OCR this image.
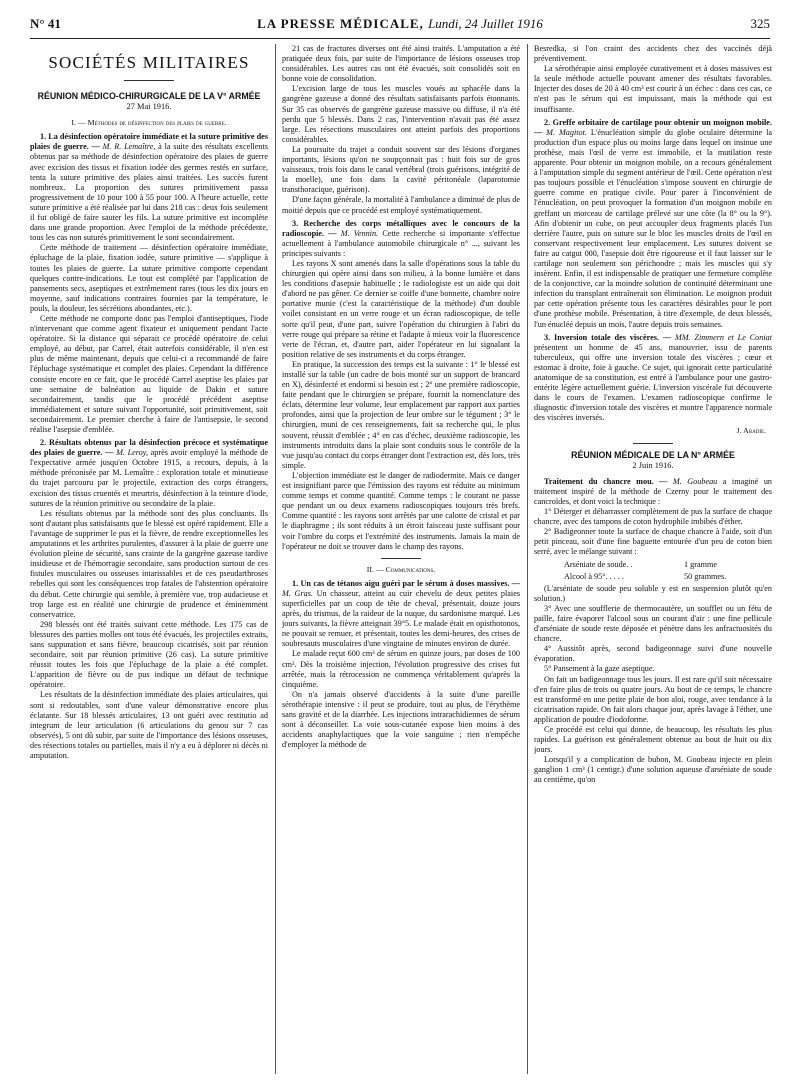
N° 41	LA PRESSE MÉDICALE, Lundi, 24 Juillet 1916	325
SOCIÉTÉS MILITAIRES
RÉUNION MÉDICO-CHIRURGICALE DE LA V° ARMÉE
27 Mai 1916.

I. — Méthodes de désinfection des plaies de guerre.

1. La désinfection opératoire immédiate et la suture primitive des plaies de guerre. — M. R. Lemaître, à la suite des résultats excellents obtenus par sa méthode de désinfection opératoire des plaies de guerre avec excision des tissus et fixation iodée des germes restés en surface, tenta la suture primitive des plaies ainsi traitées. Les succès furent nombreux. La proportion des sutures primitivement passa progressivement de 10 pour 100 à 55 pour 100. A l'heure actuelle, cette suture primitive a été réalisée par lui dans 218 cas : deux fois seulement il fut obligé de faire sauter les fils. La suture primitive est incomplète dans une grande proportion. Avec l'emploi de la méthode précédente, tous les cas non suturés primitivement le sont secondairement.

Cette méthode de traitement — désinfection opératoire immédiate, épluchage de la plaie, fixation iodée, suture primitive — s'applique à toutes les plaies de guerre. La suture primitive comporte cependant quelques contre-indications. Le tout est complété par l'application de pansements secs, aseptiques et extrêmement rares (tous les dix jours en moyenne, sauf indications contraires fournies par la température, le pouls, la douleur, les sécrétions abondantes, etc.).

Cette méthode ne comporte donc pas l'emploi d'antiseptiques, l'iode n'intervenant que comme agent fixateur et uniquement pendant l'acte opératoire. Si la distance qui séparait ce procédé opératoire de celui employé, au début, par Carrel, était autrefois considérable, il n'en est plus de même maintenant, depuis que celui-ci a recommandé de faire l'épluchage systématique et complet des plaies. Cependant la différence consiste encore en ce fait, que le procédé Carrel aseptise les plaies par une semaine de balnéation au liquide de Dakin et suture secondairement, tandis que le procédé précédent aseptise immédiatement et suture suivant l'opportunité, soit primitivement, soit secondairement. Le premier cherche à faire de l'antisepsie, le second réalise l'asepsie d'emblée.

2. Résultats obtenus par la désinfection précoce et systématique des plaies de guerre. — M. Leroy, après avoir employé la méthode de l'expectative armée jusqu'en Octobre 1915, a recours, depuis, à la méthode préconisée par M. Lemaître : exploration totale et minutieuse du trajet parcouru par le projectile, extraction des corps étrangers, excision des tissus cruentés et meurtris, désinfection à la teinture d'iode, sutures de la réunion primitive ou secondaire de la plaie.

Les résultats obtenus par la méthode sont des plus concluants. Ils sont d'autant plus satisfaisants que le blessé est opéré rapidement. Elle a l'avantage de supprimer le pus et la fièvre, de rendre exceptionnelles les amputations et les arthrites purulentes, d'assurer à la plaie de guerre une évolution pleine de sécurité, sans crainte de la gangrène gazeuse tardive insidieuse et de l'hémorragie secondaire, sans production surtout de ces fistules musculaires ou osseuses intarissables et de ces pseudarthroses rebelles qui sont les conséquences trop fatales de l'abstention opératoire du début. Cette chirurgie qui semble, à première vue, trop audacieuse et trop large est en réalité une chirurgie de prudence et éminemment conservatrice.

298 blessés ont été traités suivant cette méthode. Les 175 cas de blessures des parties molles ont tous été évacués, les projectiles extraits, sans suppuration et sans fièvre, beaucoup cicatrisés, soit par réunion secondaire, soit par réunion primitive (26 cas). La suture primitive réussit toutes les fois que l'épluchage de la plaie a été complet. L'apparition de fièvre ou de pus indique un défaut de technique opératoire.

Les résultats de la désinfection immédiate des plaies articulaires, qui sont si redoutables, sont d'une valeur démonstrative encore plus éclatante. Sur 18 blessés articulaires, 13 ont guéri avec restitutio ad integrum de leur articulation (6 articulations du genou sur 7 cas observés), 5 ont dû subir, par suite de l'importance des lésions osseuses, des résections totales ou partielles, mais il n'y a eu à déplorer ni décès ni amputation.

21 cas de fractures diverses ont été ainsi traités. L'amputation a été pratiquée deux fois, par suite de l'importance de lésions osseuses trop considérables. Les autres cas ont été évacués, soit consolidés soit en bonne voie de consolidation.

L'excision large de tous les muscles voués au sphacèle dans la gangrène gazeuse a donné des résultats satisfaisants parfois étonnants. Sur 35 cas observés de gangrène gazeuse massive ou diffuse, il n'a été perdu que 5 blessés. Dans 2 cas, l'intervention n'avait pas été assez large. Les résections musculaires ont atteint parfois des proportions considérables.

La poursuite du trajet a conduit souvent sur des lésions d'organes importants, lésions qu'on ne soupçonnait pas : huit fois sur de gros vaisseaux, trois fois dans le canal vertébral (trois guérisons, intégrité de la moelle), une fois dans la cavité péritonéale (laparotomie transthoracique, guérison).

D'une façon générale, la mortalité à l'ambulance a diminué de plus de moitié depuis que ce procédé est employé systématiquement.

3. Recherche des corps métalliques avec le concours de la radioscopie. — M. Vennin. Cette recherche si importante s'effectue actuellement à l'ambulance automobile chirurgicale n° ..., suivant les principes suivants :

Les rayons X sont amenés dans la salle d'opérations sous la table du chirurgien qui opère ainsi dans son milieu, à la bonne lumière et dans les conditions d'asepsie habituelle ; le radiologiste est un aide qui doit d'abord ne pas gêner. Ce dernier se coiffe d'une bonnette, chambre noire portative munie (c'est la caractéristique de la méthode) d'un double voilet consistant en un verre rouge et un écran radioscopique, de telle sorte qu'il peut, d'une part, suivre l'opération du chirurgien à l'abri du verre rouge qui prépare sa rétine et l'adapte à mieux voir la fluorescence verte de l'écran, et, d'autre part, aider l'opérateur en lui signalant la position relative de ses instruments et du corps étranger.

En pratique, la succession des temps est la suivante : 1° le blessé est installé sur la table (un cadre de bois monté sur un support de brancard en X), désinfecté et endormi si besoin est ; 2° une première radioscopie, faite pendant que le chirurgien se prépare, fournit la nomenclature des éclats, détermine leur volume, leur emplacement par rapport aux parties profondes, ainsi que la projection de leur ombre sur le tégument ; 3° le chirurgien, muni de ces renseignements, fait sa recherche qui, le plus souvent, réussit d'emblée ; 4° en cas d'échec, deuxième radioscopie, les instruments introduits dans la plaie sont conduits sous le contrôle de la vue jusqu'au contact du corps étranger dont l'extraction est, dès lors, très simple.

L'objection immédiate est le danger de radiodermite. Mais ce danger est insignifiant parce que l'émission des rayons est réduite au minimum comme temps et comme quantité. Comme temps : le courant ne passe que pendant un ou deux examens radioscopiques toujours très brefs. Comme quantité : les rayons sont arrêtés par une calotte de cristal et par le diaphragme ; ils sont réduits à un étroit faisceau juste suffisant pour voir l'ombre du corps et l'extrémité des instruments. Jamais la main de l'opérateur ne doit se trouver dans le champ des rayons.

II. — Communications.

1. Un cas de tétanos aigu guéri par le sérum à doses massives. — M. Gras. Un chasseur, atteint au cuir chevelu de deux petites plaies superficielles par un coup de tête de cheval, présentait, douze jours après, du trismus, de la raideur de la nuque, du sardonisme marqué. Les jours suivants, la fièvre atteignait 39°5. Le malade était en opisthotonos, ne pouvait se remuer, et présentait, toutes les demi-heures, des crises de soubresauts musculaires d'une vingtaine de minutes environ de durée.

Le malade reçut 600 cm³ de sérum en quinze jours, par doses de 100 cm³. Dès la troisième injection, l'évolution progressive des crises fut arrêtée, mais la rétrocession ne commença véritablement qu'après la cinquième.

On n'a jamais observé d'accidents à la suite d'une pareille sérothérapie intensive : il peut se produire, tout au plus, de l'érythème sans gravité et de la diarrhée. Les injections intrarachidiennes de sérum sont à déconseiller. La voie sous-cutanée expose bien moins à des accidents anaphylactiques que la voie sanguine ; rien n'empêche d'employer la méthode de

Besredka, si l'on craint des accidents chez des vaccinés déjà préventivement.

La sérothérapie ainsi employée curativement et à doses massives est la seule méthode actuelle pouvant amener des résultats favorables. Injecter des doses de 20 à 40 cm³ est courir à un échec : dans ces cas, ce n'est pas le sérum qui est impuissant, mais la méthode qui est insuffisante.

2. Greffe orbitaire de cartilage pour obtenir un moignon mobile. — M. Magitot. L'énucléation simple du globe oculaire détermine la production d'un espace plus ou moins large dans lequel on insinue une prothèse, mais l'œil de verre est immobile, et la mutilation reste apparente. Pour obtenir un moignon mobile, on a recours généralement à l'amputation simple du segment antérieur de l'œil. Cette opération n'est pas toujours possible et l'énucléation s'impose souvent en chirurgie de guerre comme en pratique civile. Pour parer à l'inconvénient de l'énucléation, on peut provoquer la formation d'un moignon mobile en greffant un morceau de cartilage prélevé sur une côte (la 8° ou la 9°). Afin d'obtenir un cube, on peut accoupler deux fragments placés l'un derrière l'autre, puis on suture sur le bloc les muscles droits de l'œil en conservant respectivement leur emplacement. Les sutures doivent se faire au catgut 000, l'asepsie doit être rigoureuse et il faut laisser sur le cartilage non seulement son périchondre ; mais les muscles qui s'y insèrent. Enfin, il est indispensable de pratiquer une fermeture complète de la conjonctive, car la moindre solution de continuité déterminant une infection du transplant entraînerait son élimination. Le moignon produit par cette opération présente tous les caractères désirables pour le port d'une prothèse mobile. Présentation, à titre d'exemple, de deux blessés, l'un énucléé depuis un mois, l'autre depuis trois semaines.

3. Inversion totale des viscères. — MM. Zimmern et Le Coniat présentent un homme de 45 ans, manouvrier, issu de parents tuberculeux, qui offre une inversion totale des viscères ; cœur et estomac à droite, foie à gauche. Ce sujet, qui ignorait cette particularité anatomique de sa constitution, est entré à l'ambulance pour une gastro-entérite légère actuellement guérie. L'inversion viscérale fut découverte dans le cours de l'examen. L'examen radioscopique confirme le diagnostic d'inversion totale des viscères et montre l'apparence normale des viscères inversés.

J. Abadie.
RÉUNION MÉDICALE DE LA N° ARMÉE
2 Juin 1916.

Traitement du chancre mou. — M. Goubeau a imaginé un traitement inspiré de la méthode de Czerny pour le traitement des cancroïdes, et dont voici la technique :

1° Déterger et débarrasser complètement de pus la surface de chaque chancre, avec des tampons de coton hydrophile imbibés d'éther.

2° Badigeonner toute la surface de chaque chancre à l'aide, soit d'un petit pinceau, soit d'une fine baguette entourée d'un peu de coton bien serré, avec le mélange suivant :

Arséniate de soude. .	1 gramme
Alcool à 95°. . . . .	50 grammes.

(L'arséniate de soude peu soluble y est en suspension plutôt qu'en solution.)

3° Avec une soufflerie de thermocautère, un soufflet ou un fétu de paille, faire évaporer l'alcool sous un courant d'air : une fine pellicule d'arséniate de soude reste déposée et pénètre dans les anfractuosités du chancre.

4° Aussitôt après, second badigeonnage suivi d'une nouvelle évaporation.

5° Pansement à la gaze aseptique.

On fait un badigeonnage tous les jours. Il est rare qu'il soit nécessaire d'en faire plus de trois ou quatre jours. Au bout de ce temps, le chancre est transformé en une petite plaie de bon aloi, rouge, avec tendance à la cicatrisation rapide. On fait alors chaque jour, après lavage à l'éther, une application de poudre d'iodoforme.

Ce procédé est celui qui donne, de beaucoup, les résultats les plus rapides. La guérison est généralement obtenue au bout de huit ou dix jours.

Lorsqu'il y a complication de bubon, M. Goubeau injecte en plein ganglion 1 cm³ (1 centigr.) d'une solution aqueuse d'arséniate de soude au centième, qu'on
